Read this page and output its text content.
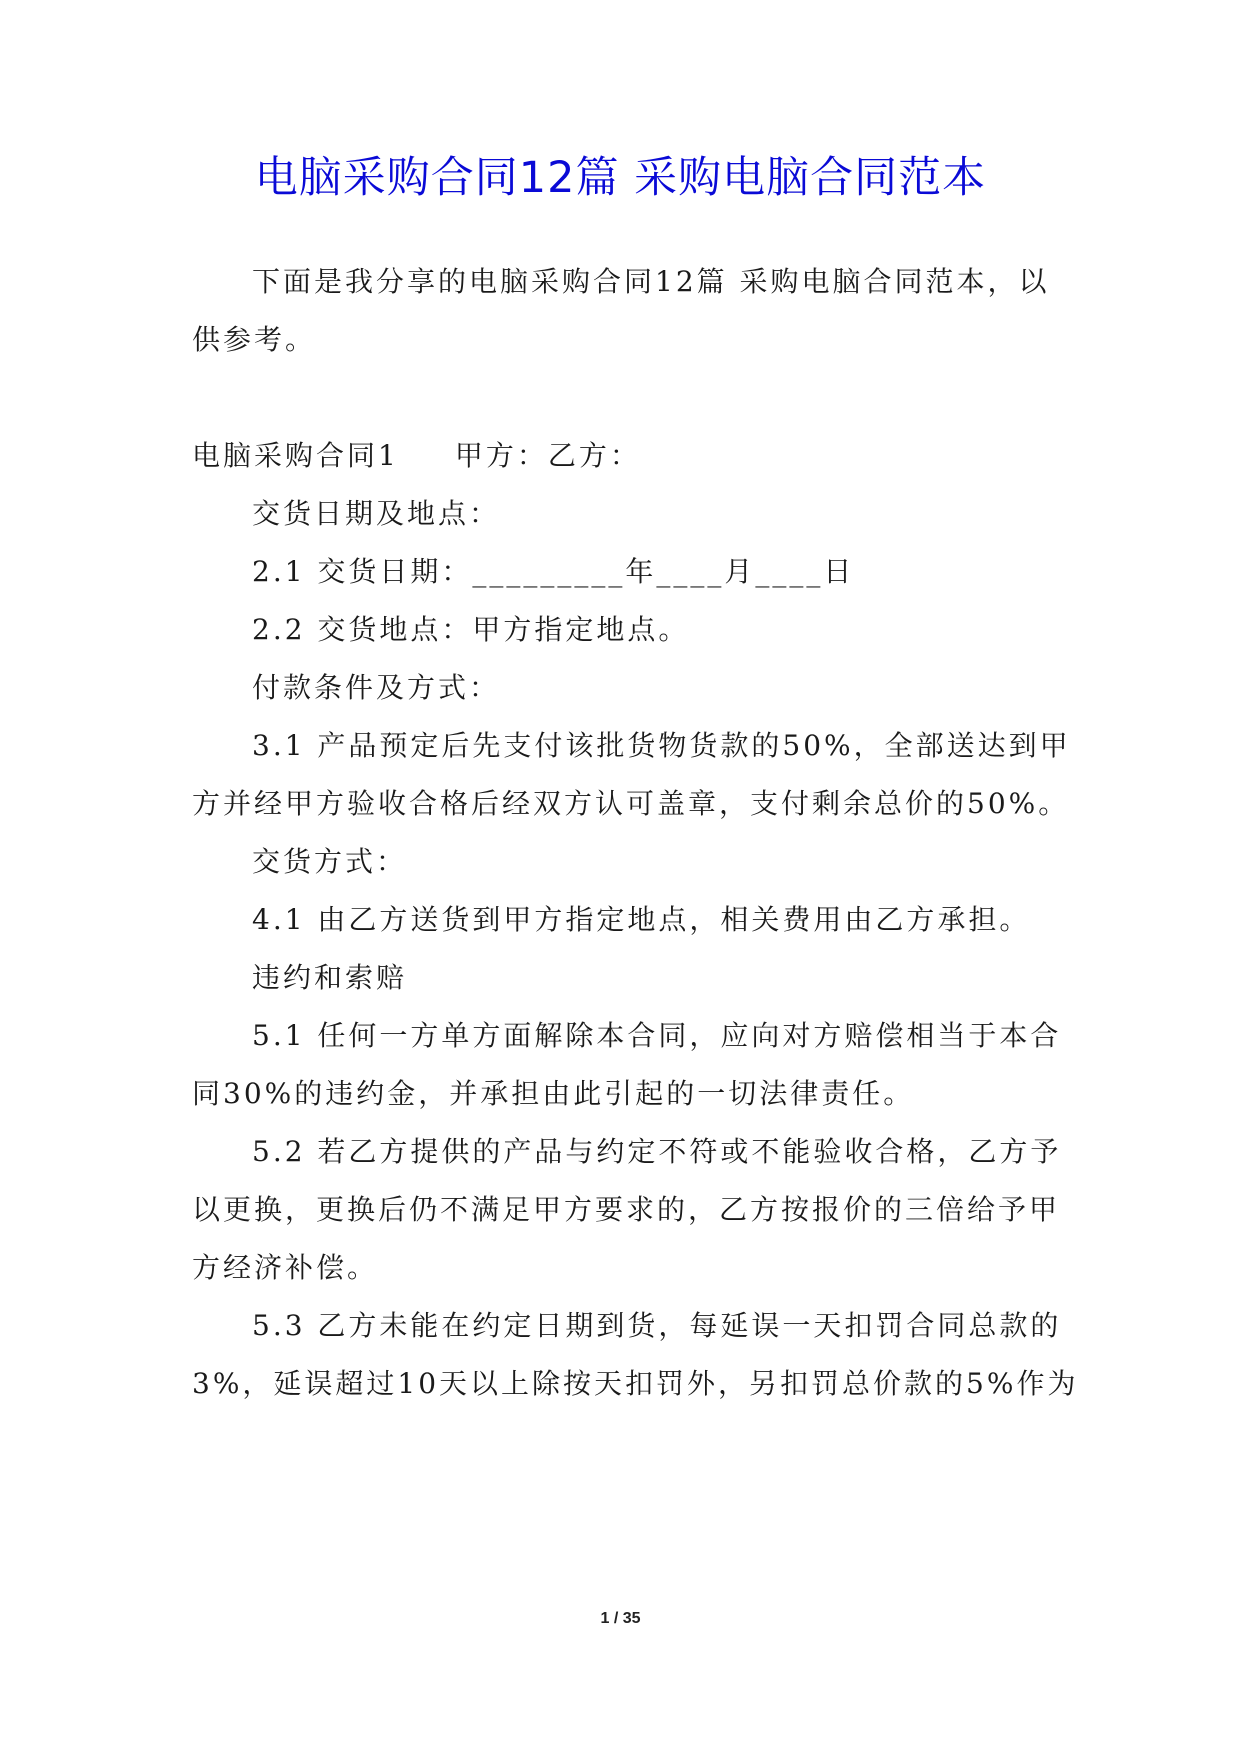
电脑采购合同12篇 采购电脑合同范本
下面是我分享的电脑采购合同12篇 采购电脑合同范本，以
供参考。
电脑采购合同1 甲方：乙方：
交货日期及地点：
2.1 交货日期：_________年____月____日
2.2 交货地点：甲方指定地点。
付款条件及方式：
3.1 产品预定后先支付该批货物货款的50%，全部送达到甲
方并经甲方验收合格后经双方认可盖章，支付剩余总价的50%。
交货方式：
4.1 由乙方送货到甲方指定地点，相关费用由乙方承担。
违约和索赔
5.1 任何一方单方面解除本合同，应向对方赔偿相当于本合
同30%的违约金，并承担由此引起的一切法律责任。
5.2 若乙方提供的产品与约定不符或不能验收合格，乙方予
以更换，更换后仍不满足甲方要求的，乙方按报价的三倍给予甲
方经济补偿。
5.3 乙方未能在约定日期到货，每延误一天扣罚合同总款的
3%，延误超过10天以上除按天扣罚外，另扣罚总价款的5%作为
1 / 35
